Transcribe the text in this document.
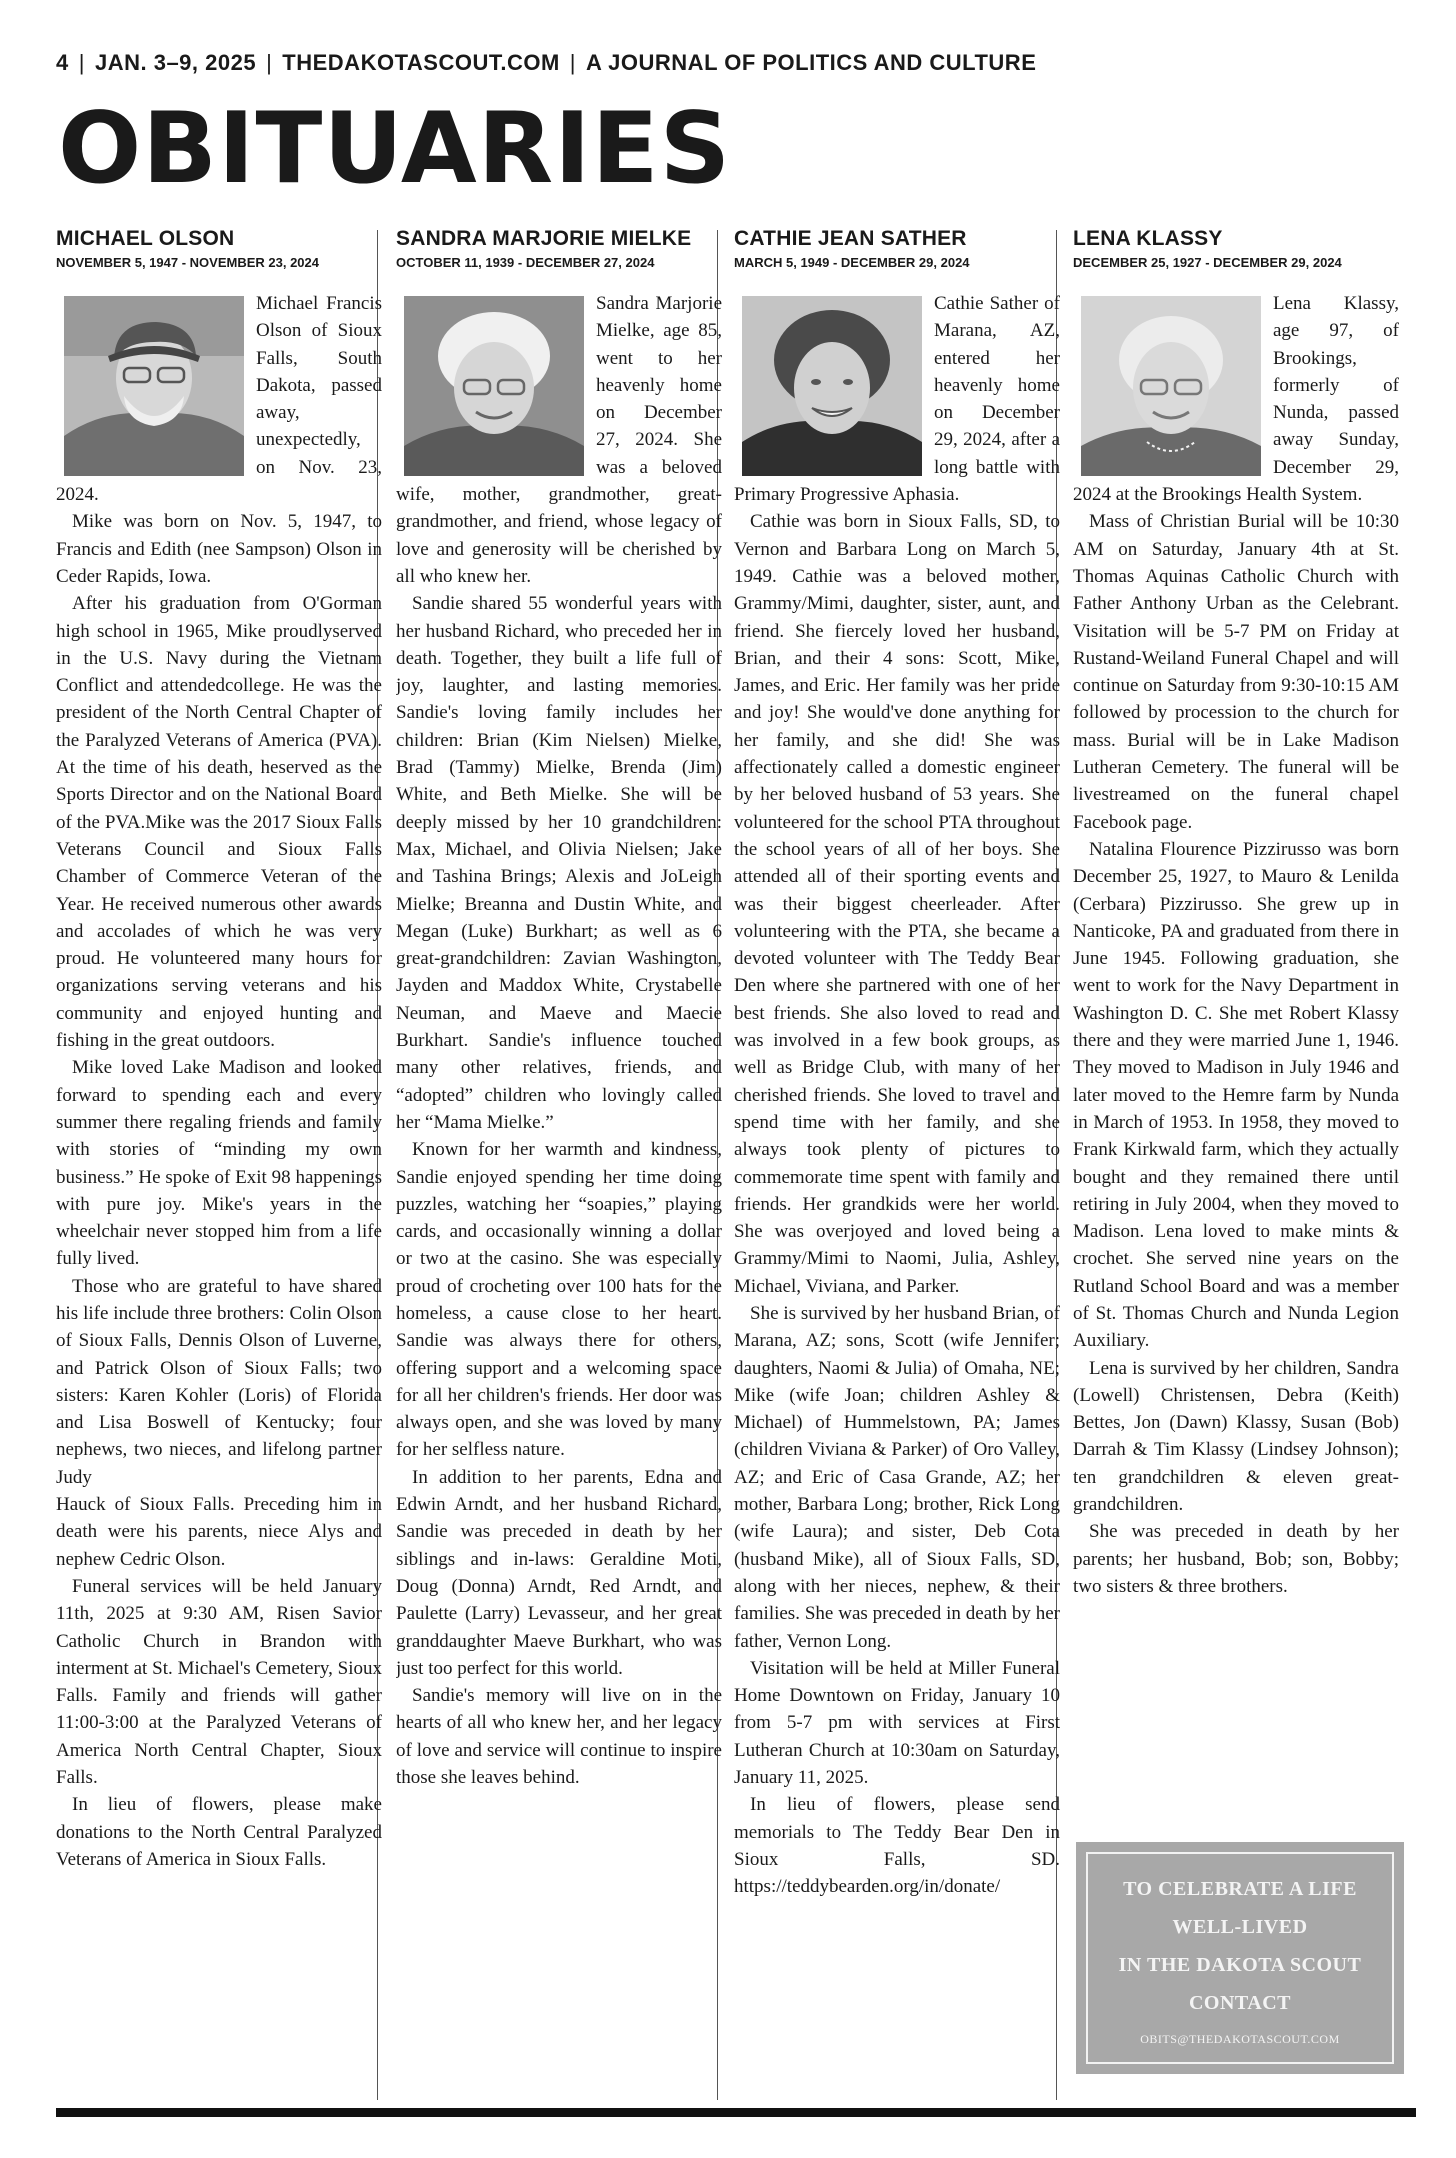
4 | JAN. 3–9, 2025 | THEDAKOTASCOUT.COM | A JOURNAL OF POLITICS AND CULTURE
OBITUARIES
MICHAEL OLSON
NOVEMBER 5, 1947 - NOVEMBER 23, 2024

Michael Francis Olson of Sioux Falls, South Dakota, passed away, unexpectedly, on Nov. 23, 2024.

Mike was born on Nov. 5, 1947, to Francis and Edith (nee Sampson) Olson in Ceder Rapids, Iowa.

After his graduation from O'Gorman high school in 1965, Mike proudlyserved in the U.S. Navy during the Vietnam Conflict and attendedcollege. He was the president of the North Central Chapter of the Paralyzed Veterans of America (PVA). At the time of his death, heserved as the Sports Director and on the National Board of the PVA.Mike was the 2017 Sioux Falls Veterans Council and Sioux Falls Chamber of Commerce Veteran of the Year. He received numerous other awards and accolades of which he was very proud. He volunteered many hours for organizations serving veterans and his community and enjoyed hunting and fishing in the great outdoors.

Mike loved Lake Madison and looked forward to spending each and every summer there regaling friends and family with stories of “minding my own business.” He spoke of Exit 98 happenings with pure joy. Mike's years in the wheelchair never stopped him from a life fully lived.

Those who are grateful to have shared his life include three brothers: Colin Olson of Sioux Falls, Dennis Olson of Luverne, and Patrick Olson of Sioux Falls; two sisters: Karen Kohler (Loris) of Florida and Lisa Boswell of Kentucky; four nephews, two nieces, and lifelong partner Judy

Hauck of Sioux Falls. Preceding him in death were his parents, niece Alys and nephew Cedric Olson.

Funeral services will be held January 11th, 2025 at 9:30 AM, Risen Savior Catholic Church in Brandon with interment at St. Michael's Cemetery, Sioux Falls. Family and friends will gather 11:00-3:00 at the Paralyzed Veterans of America North Central Chapter, Sioux Falls.

In lieu of flowers, please make donations to the North Central Paralyzed Veterans of America in Sioux Falls.

SANDRA MARJORIE MIELKE
OCTOBER 11, 1939 - DECEMBER 27, 2024

Sandra Marjorie Mielke, age 85, went to her heavenly home on December 27, 2024. She was a beloved wife, mother, grandmother, great-grandmother, and friend, whose legacy of love and generosity will be cherished by all who knew her.

Sandie shared 55 wonderful years with her husband Richard, who preceded her in death. Together, they built a life full of joy, laughter, and lasting memories. Sandie's loving family includes her children: Brian (Kim Nielsen) Mielke, Brad (Tammy) Mielke, Brenda (Jim) White, and Beth Mielke. She will be deeply missed by her 10 grandchildren: Max, Michael, and Olivia Nielsen; Jake and Tashina Brings; Alexis and JoLeigh Mielke; Breanna and Dustin White, and Megan (Luke) Burkhart; as well as 6 great-grandchildren: Zavian Washington, Jayden and Maddox White, Crystabelle Neuman, and Maeve and Maecie Burkhart. Sandie's influence touched many other relatives, friends, and “adopted” children who lovingly called her “Mama Mielke.”

Known for her warmth and kindness, Sandie enjoyed spending her time doing puzzles, watching her “soapies,” playing cards, and occasionally winning a dollar or two at the casino. She was especially proud of crocheting over 100 hats for the homeless, a cause close to her heart. Sandie was always there for others, offering support and a welcoming space for all her children's friends. Her door was always open, and she was loved by many for her selfless nature.

In addition to her parents, Edna and Edwin Arndt, and her husband Richard, Sandie was preceded in death by her siblings and in-laws: Geraldine Moti, Doug (Donna) Arndt, Red Arndt, and Paulette (Larry) Levasseur, and her great granddaughter Maeve Burkhart, who was just too perfect for this world.

Sandie's memory will live on in the hearts of all who knew her, and her legacy of love and service will continue to inspire those she leaves behind.

CATHIE JEAN SATHER
MARCH 5, 1949 - DECEMBER 29, 2024

Cathie Sather of Marana, AZ, entered her heavenly home on December 29, 2024, after a long battle with Primary Progressive Aphasia.

Cathie was born in Sioux Falls, SD, to Vernon and Barbara Long on March 5, 1949. Cathie was a beloved mother, Grammy/Mimi, daughter, sister, aunt, and friend. She fiercely loved her husband, Brian, and their 4 sons: Scott, Mike, James, and Eric. Her family was her pride and joy! She would've done anything for her family, and she did! She was affectionately called a domestic engineer by her beloved husband of 53 years. She volunteered for the school PTA throughout the school years of all of her boys. She attended all of their sporting events and was their biggest cheerleader. After volunteering with the PTA, she became a devoted volunteer with The Teddy Bear Den where she partnered with one of her best friends. She also loved to read and was involved in a few book groups, as well as Bridge Club, with many of her cherished friends. She loved to travel and spend time with her family, and she always took plenty of pictures to commemorate time spent with family and friends. Her grandkids were her world. She was overjoyed and loved being a Grammy/Mimi to Naomi, Julia, Ashley, Michael, Viviana, and Parker.

She is survived by her husband Brian, of Marana, AZ; sons, Scott (wife Jennifer; daughters, Naomi & Julia) of Omaha, NE; Mike (wife Joan; children Ashley & Michael) of Hummelstown, PA; James (children Viviana & Parker) of Oro Valley, AZ; and Eric of Casa Grande, AZ; her mother, Barbara Long; brother, Rick Long (wife Laura); and sister, Deb Cota (husband Mike), all of Sioux Falls, SD, along with her nieces, nephew, & their families. She was preceded in death by her father, Vernon Long.

Visitation will be held at Miller Funeral Home Downtown on Friday, January 10 from 5-7 pm with services at First Lutheran Church at 10:30am on Saturday, January 11, 2025.

In lieu of flowers, please send memorials to The Teddy Bear Den in Sioux Falls, SD. https://teddybearden.org/in/donate/

LENA KLASSY
DECEMBER 25, 1927 - DECEMBER 29, 2024

Lena Klassy, age 97, of Brookings, formerly of Nunda, passed away Sunday, December 29, 2024 at the Brookings Health System.

Mass of Christian Burial will be 10:30 AM on Saturday, January 4th at St. Thomas Aquinas Catholic Church with Father Anthony Urban as the Celebrant. Visitation will be 5-7 PM on Friday at Rustand-Weiland Funeral Chapel and will continue on Saturday from 9:30-10:15 AM followed by procession to the church for mass. Burial will be in Lake Madison Lutheran Cemetery. The funeral will be livestreamed on the funeral chapel Facebook page.

Natalina Flourence Pizzirusso was born December 25, 1927, to Mauro & Lenilda (Cerbara) Pizzirusso. She grew up in Nanticoke, PA and graduated from there in June 1945. Following graduation, she went to work for the Navy Department in Washington D. C. She met Robert Klassy there and they were married June 1, 1946. They moved to Madison in July 1946 and later moved to the Hemre farm by Nunda in March of 1953. In 1958, they moved to Frank Kirkwald farm, which they actually bought and they remained there until retiring in July 2004, when they moved to Madison. Lena loved to make mints & crochet. She served nine years on the Rutland School Board and was a member of St. Thomas Church and Nunda Legion Auxiliary.

Lena is survived by her children, Sandra (Lowell) Christensen, Debra (Keith) Bettes, Jon (Dawn) Klassy, Susan (Bob) Darrah & Tim Klassy (Lindsey Johnson); ten grandchildren & eleven great-grandchildren.

She was preceded in death by her parents; her husband, Bob; son, Bobby; two sisters & three brothers.

TO CELEBRATE A LIFE
WELL-LIVED
IN THE DAKOTA SCOUT
CONTACT
OBITS@THEDAKOTASCOUT.COM
